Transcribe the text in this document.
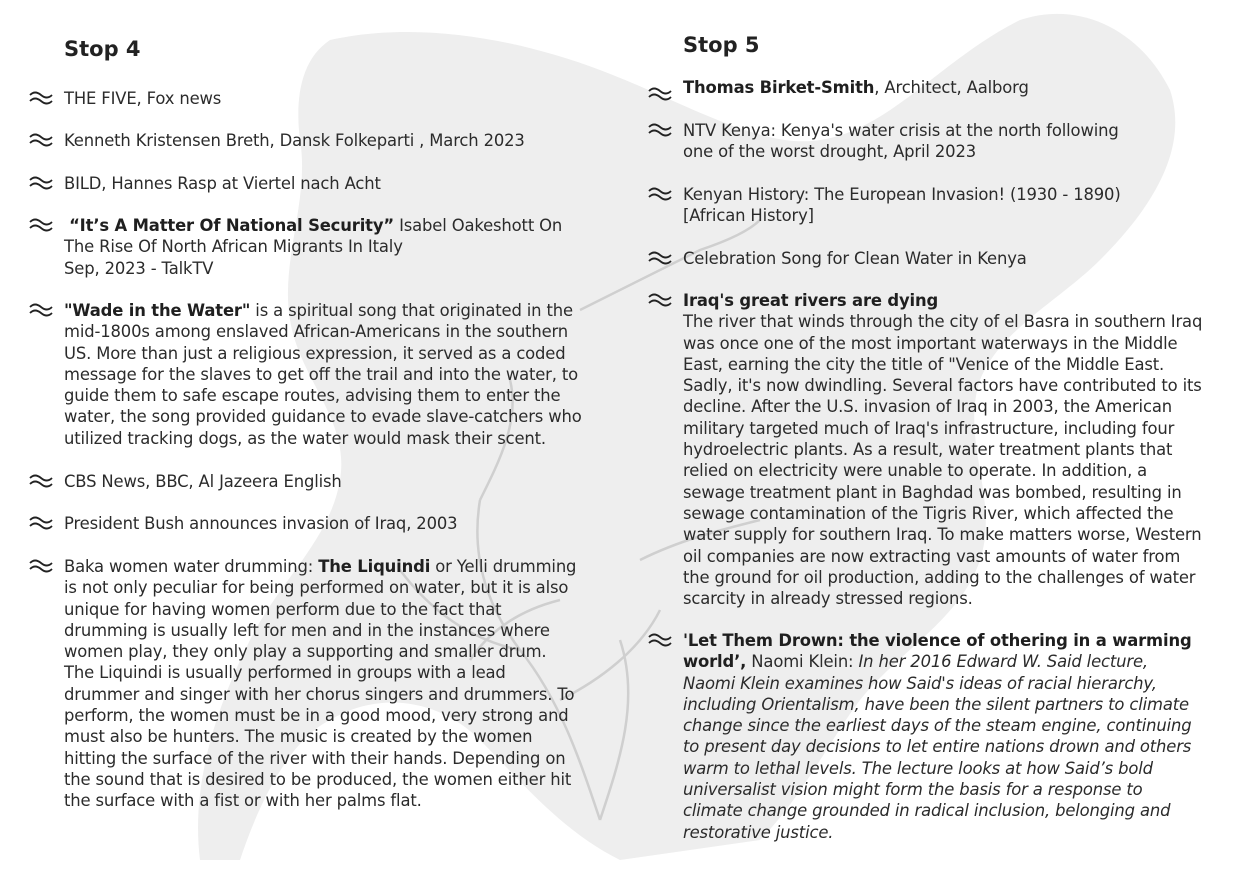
Stop 4

THE FIVE, Fox news

Kenneth Kristensen Breth, Dansk Folkeparti , March 2023

BILD, Hannes Rasp at Viertel nach Acht

“It’s A Matter Of National Security” Isabel Oakeshott On The Rise Of North African Migrants In Italy

Sep, 2023 - TalkTV

"Wade in the Water" is a spiritual song that originated in the mid-1800s among enslaved African-Americans in the southern US. More than just a religious expression, it served as a coded message for the slaves to get off the trail and into the water, to guide them to safe escape routes, advising them to enter the water, the song provided guidance to evade slave-catchers who utilized tracking dogs, as the water would mask their scent.

CBS News, BBC, Al Jazeera English

President Bush announces invasion of Iraq, 2003

Baka women water drumming: The Liquindi or Yelli drumming is not only peculiar for being performed on water, but it is also unique for having women perform due to the fact that drumming is usually left for men and in the instances where women play, they only play a supporting and smaller drum.

The Liquindi is usually performed in groups with a lead drummer and singer with her chorus singers and drummers. To perform, the women must be in a good mood, very strong and must also be hunters. The music is created by the women hitting the surface of the river with their hands. Depending on the sound that is desired to be produced, the women either hit the surface with a fist or with her palms flat.

Stop 5

Thomas Birket-Smith, Architect, Aalborg

NTV Kenya: Kenya's water crisis at the north following one of the worst drought, April 2023

Kenyan History: The European Invasion! (1930 - 1890)

[African History]

Celebration Song for Clean Water in Kenya

Iraq's great rivers are dying

The river that winds through the city of el Basra in southern Iraq was once one of the most important waterways in the Middle East, earning the city the title of "Venice of the Middle East. Sadly, it's now dwindling. Several factors have contributed to its decline. After the U.S. invasion of Iraq in 2003, the American military targeted much of Iraq's infrastructure, including four hydroelectric plants. As a result, water treatment plants that relied on electricity were unable to operate. In addition, a sewage treatment plant in Baghdad was bombed, resulting in sewage contamination of the Tigris River, which affected the water supply for southern Iraq. To make matters worse, Western oil companies are now extracting vast amounts of water from the ground for oil production, adding to the challenges of water scarcity in already stressed regions.

'Let Them Drown: the violence of othering in a warming world’, Naomi Klein: In her 2016 Edward W. Said lecture, Naomi Klein examines how Said's ideas of racial hierarchy, including Orientalism, have been the silent partners to climate change since the earliest days of the steam engine, continuing to present day decisions to let entire nations drown and others warm to lethal levels. The lecture looks at how Said’s bold universalist vision might form the basis for a response to climate change grounded in radical inclusion, belonging and restorative justice.
